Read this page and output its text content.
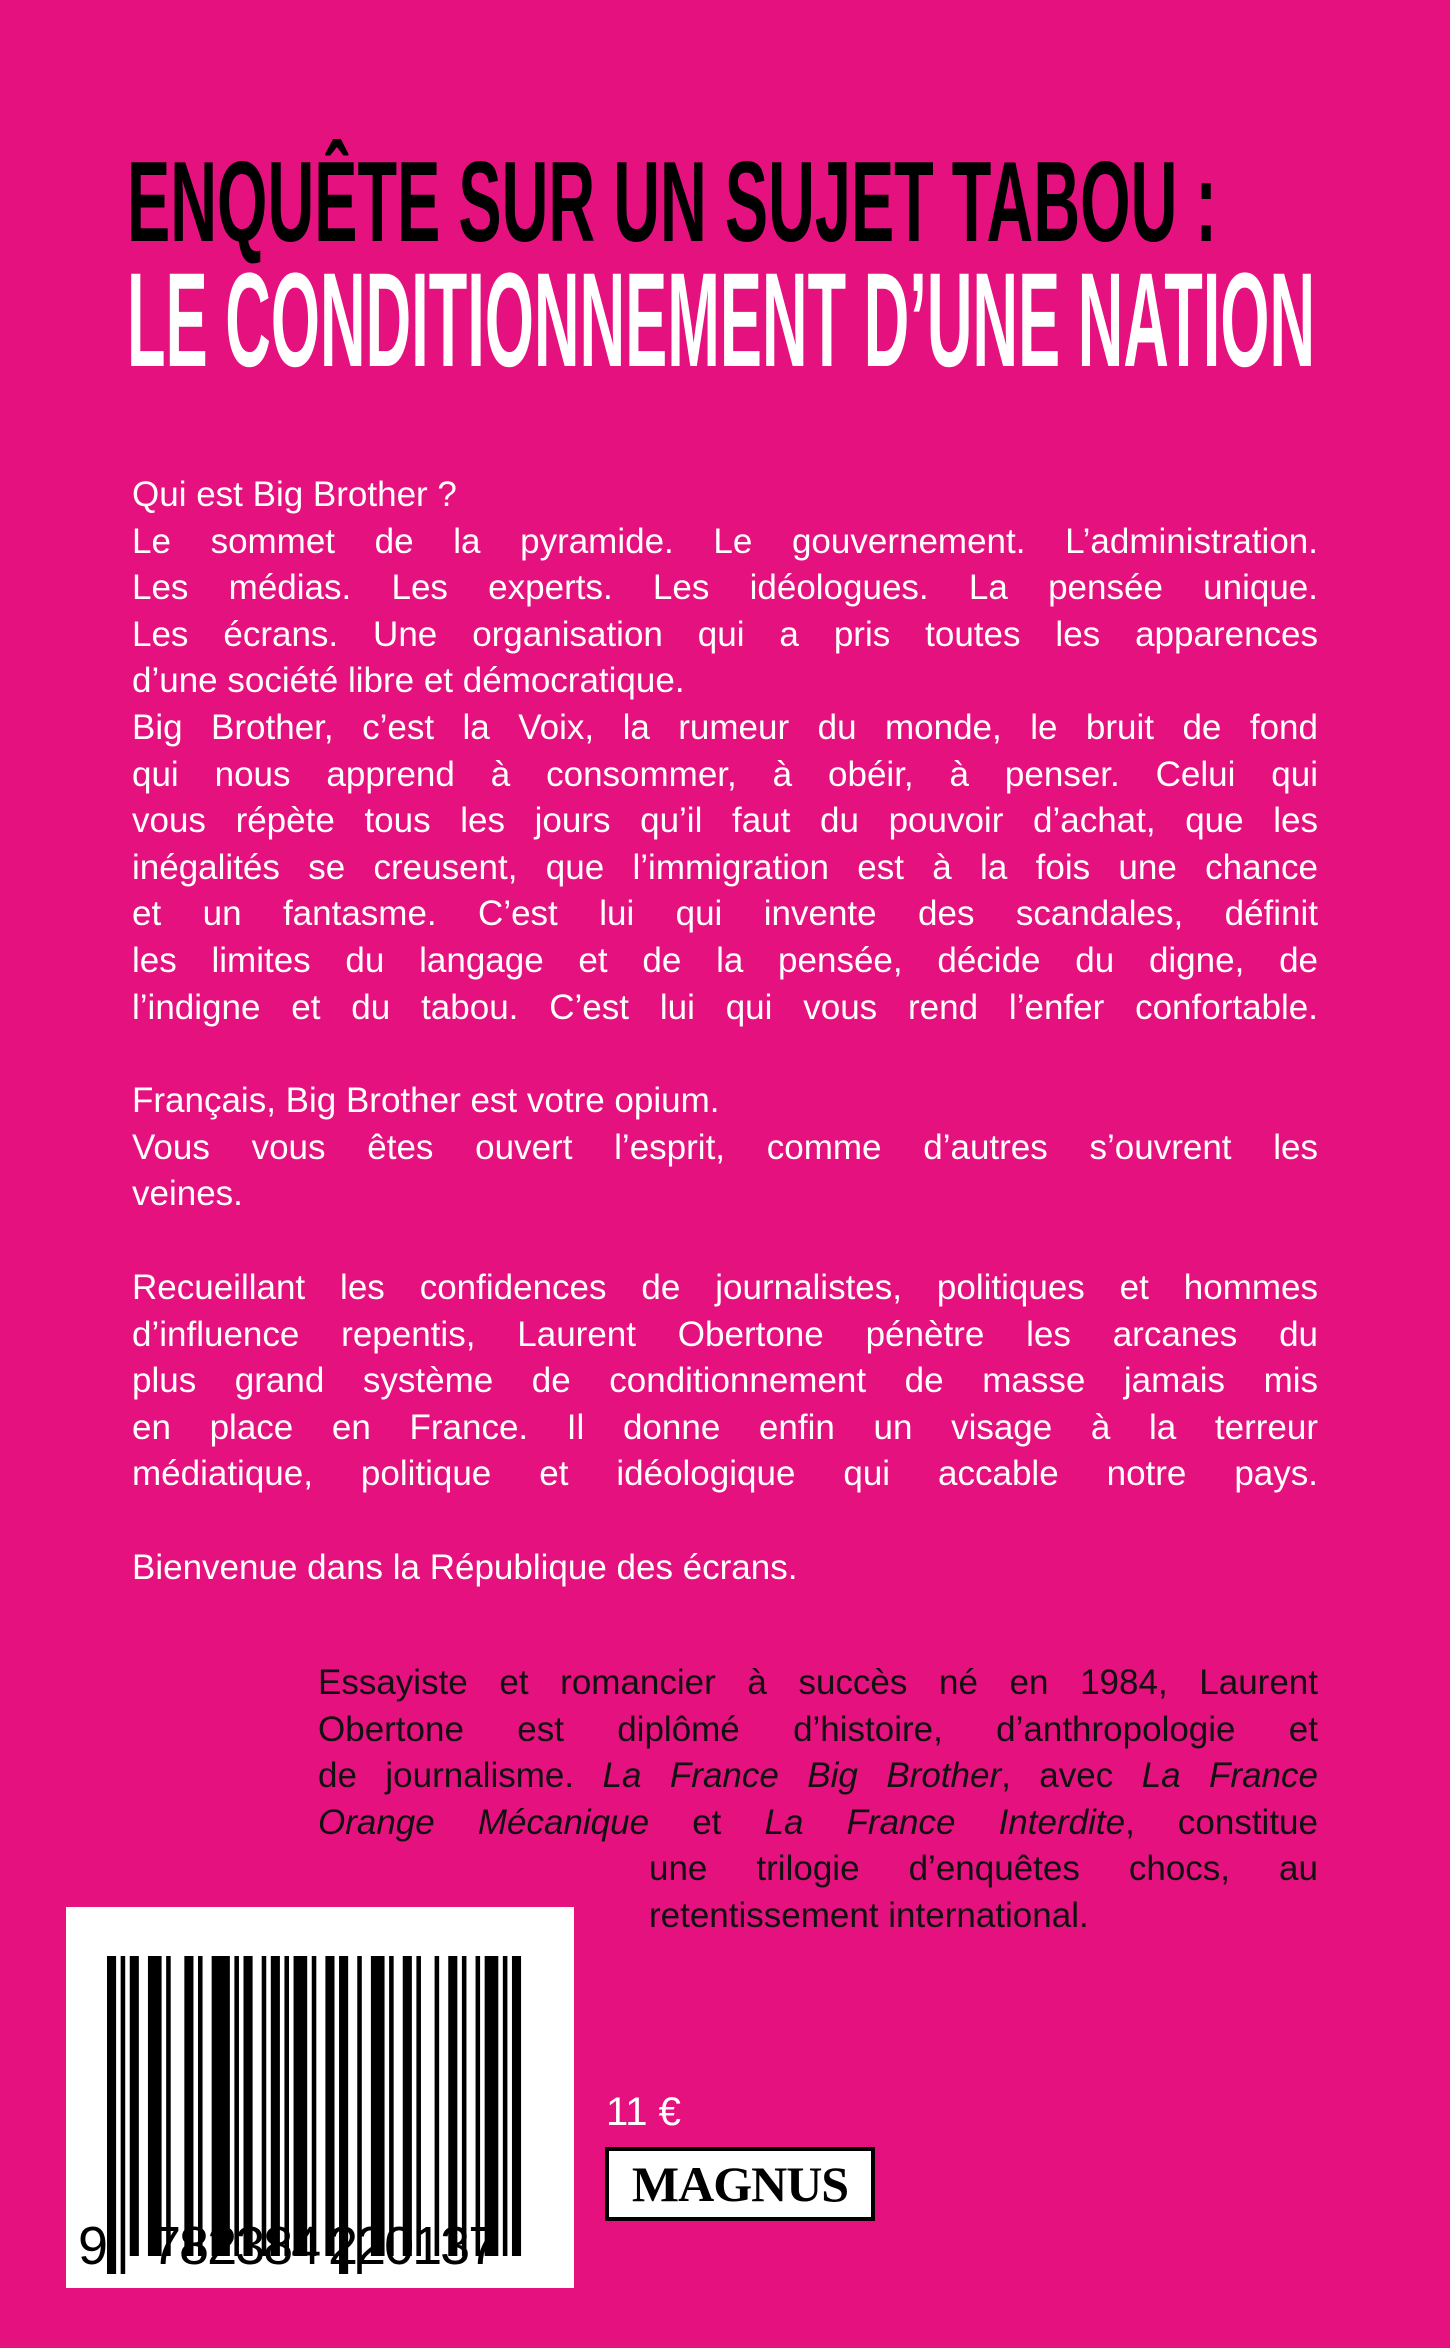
ENQUÊTE SUR UN SUJET TABOU :
LE CONDITIONNEMENT D’UNE NATION
Qui est Big Brother ?
Le sommet de la pyramide. Le gouvernement. L’administration.
Les médias. Les experts. Les idéologues. La pensée unique.
Les écrans. Une organisation qui a pris toutes les apparences
d’une société libre et démocratique.
Big Brother, c’est la Voix, la rumeur du monde, le bruit de fond
qui nous apprend à consommer, à obéir, à penser. Celui qui
vous répète tous les jours qu’il faut du pouvoir d’achat, que les
inégalités se creusent, que l’immigration est à la fois une chance
et un fantasme. C’est lui qui invente des scandales, définit
les limites du langage et de la pensée, décide du digne, de
l’indigne et du tabou. C’est lui qui vous rend l’enfer confortable.
Français, Big Brother est votre opium.
Vous vous êtes ouvert l’esprit, comme d’autres s’ouvrent les
veines.
Recueillant les confidences de journalistes, politiques et hommes
d’influence repentis, Laurent Obertone pénètre les arcanes du
plus grand système de conditionnement de masse jamais mis
en place en France. Il donne enfin un visage à la terreur
médiatique, politique et idéologique qui accable notre pays.
Bienvenue dans la République des écrans.
Essayiste et romancier à succès né en 1984, Laurent
Obertone est diplômé d’histoire, d’anthropologie et
de journalisme. La France Big Brother, avec La France
Orange Mécanique et La France Interdite, constitue
une trilogie d’enquêtes chocs, au
retentissement international.
9 782384 220137
11 €
MAGNUS
